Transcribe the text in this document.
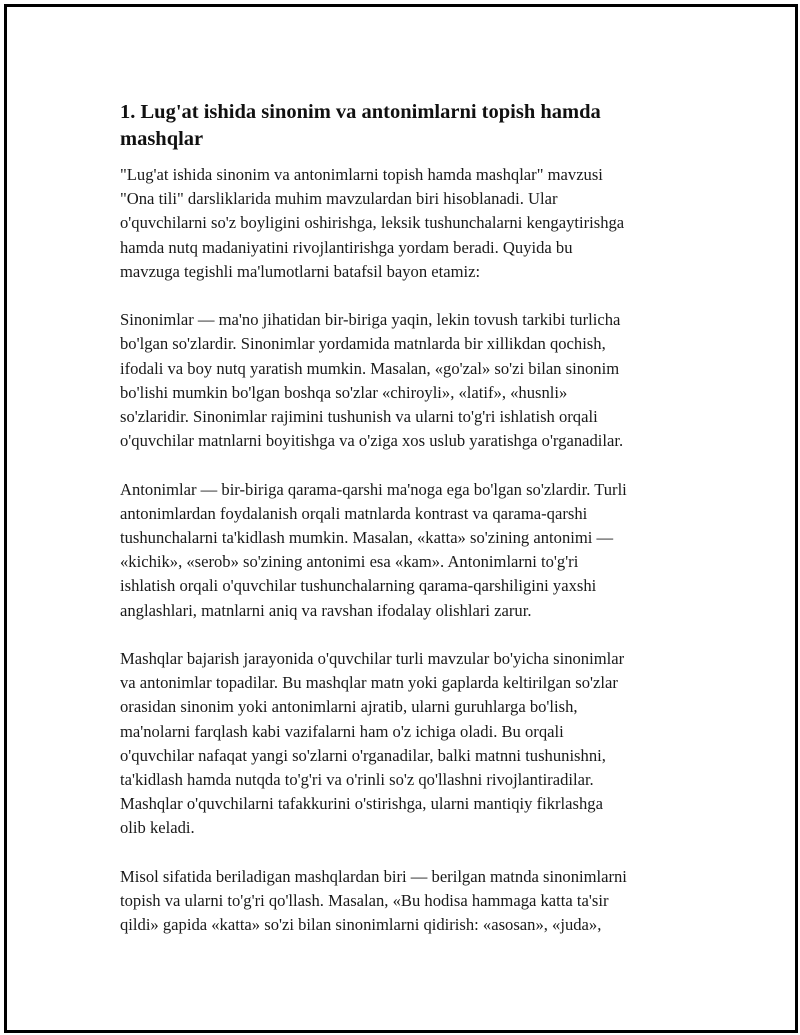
1. Lug'at ishida sinonim va antonimlarni topish hamda
mashqlar

"Lug'at ishida sinonim va antonimlarni topish hamda mashqlar" mavzusi
"Ona tili" darsliklarida muhim mavzulardan biri hisoblanadi. Ular
o'quvchilarni so'z boyligini oshirishga, leksik tushunchalarni kengaytirishga
hamda nutq madaniyatini rivojlantirishga yordam beradi. Quyida bu
mavzuga tegishli ma'lumotlarni batafsil bayon etamiz:

Sinonimlar — ma'no jihatidan bir-biriga yaqin, lekin tovush tarkibi turlicha
bo'lgan so'zlardir. Sinonimlar yordamida matnlarda bir xillikdan qochish,
ifodali va boy nutq yaratish mumkin. Masalan, «go'zal» so'zi bilan sinonim
bo'lishi mumkin bo'lgan boshqa so'zlar «chiroyli», «latif», «husnli»
so'zlaridir. Sinonimlar rajimini tushunish va ularni to'g'ri ishlatish orqali
o'quvchilar matnlarni boyitishga va o'ziga xos uslub yaratishga o'rganadilar.

Antonimlar — bir-biriga qarama-qarshi ma'noga ega bo'lgan so'zlardir. Turli
antonimlardan foydalanish orqali matnlarda kontrast va qarama-qarshi
tushunchalarni ta'kidlash mumkin. Masalan, «katta» so'zining antonimi —
«kichik», «serob» so'zining antonimi esa «kam». Antonimlarni to'g'ri
ishlatish orqali o'quvchilar tushunchalarning qarama-qarshiligini yaxshi
anglashlari, matnlarni aniq va ravshan ifodalay olishlari zarur.

Mashqlar bajarish jarayonida o'quvchilar turli mavzular bo'yicha sinonimlar
va antonimlar topadilar. Bu mashqlar matn yoki gaplarda keltirilgan so'zlar
orasidan sinonim yoki antonimlarni ajratib, ularni guruhlarga bo'lish,
ma'nolarni farqlash kabi vazifalarni ham o'z ichiga oladi. Bu orqali
o'quvchilar nafaqat yangi so'zlarni o'rganadilar, balki matnni tushunishni,
ta'kidlash hamda nutqda to'g'ri va o'rinli so'z qo'llashni rivojlantiradilar.
Mashqlar o'quvchilarni tafakkurini o'stirishga, ularni mantiqiy fikrlashga
olib keladi.

Misol sifatida beriladigan mashqlardan biri — berilgan matnda sinonimlarni
topish va ularni to'g'ri qo'llash. Masalan, «Bu hodisa hammaga katta ta'sir
qildi» gapida «katta» so'zi bilan sinonimlarni qidirish: «asosan», «juda»,
